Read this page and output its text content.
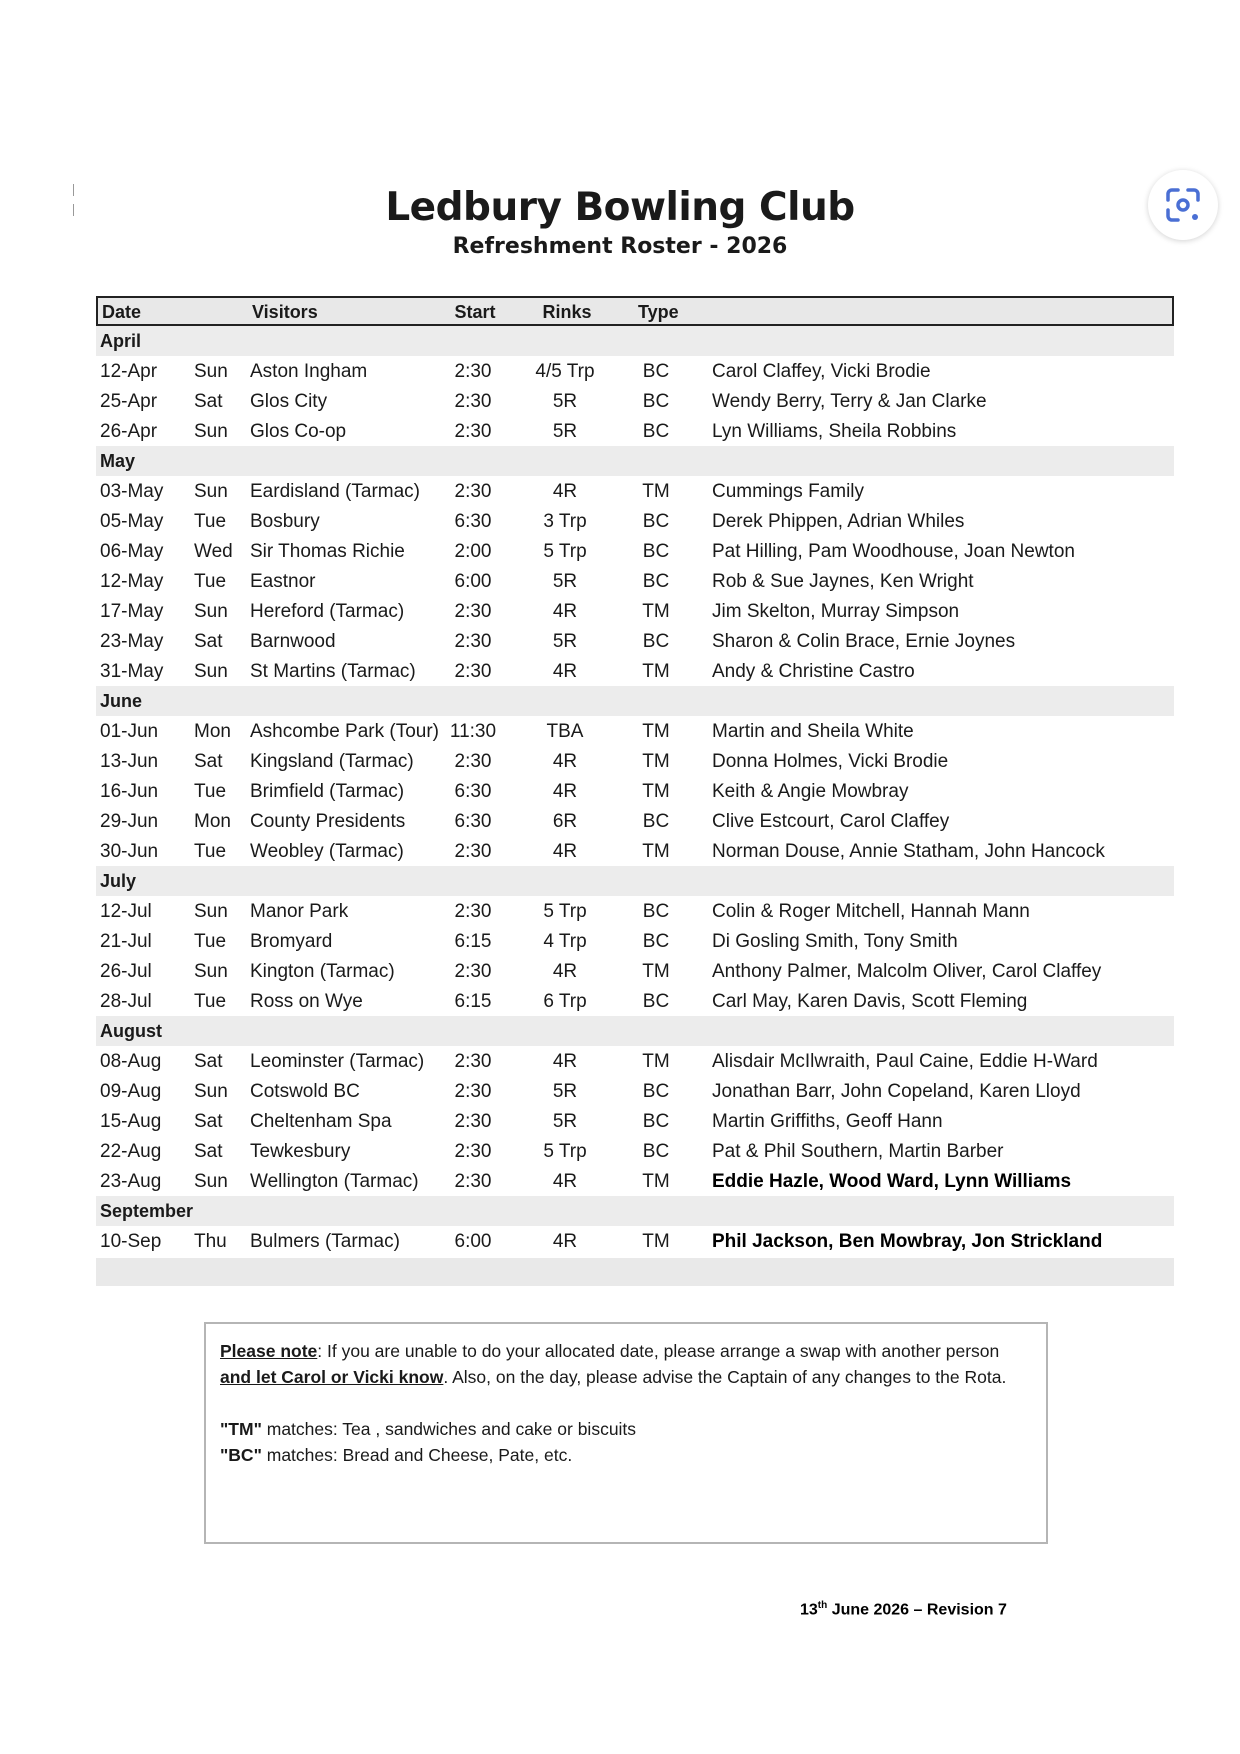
Ledbury Bowling Club
Refreshment Roster - 2026
Date	Visitors	Start	Rinks	Type
April
12-Apr Sun Aston Ingham	2:30	4/5 Trp	BC	Carol Claffey, Vicki Brodie
25-Apr Sat Glos City	2:30	5R	BC	Wendy Berry, Terry & Jan Clarke
26-Apr Sun Glos Co-op	2:30	5R	BC	Lyn Williams, Sheila Robbins
May
03-May Sun Eardisland (Tarmac)	2:30	4R	TM	Cummings Family
05-May Tue Bosbury	6:30	3 Trp	BC	Derek Phippen, Adrian Whiles
06-May Wed Sir Thomas Richie	2:00	5 Trp	BC	Pat Hilling, Pam Woodhouse, Joan Newton
12-May Tue Eastnor	6:00	5R	BC	Rob & Sue Jaynes, Ken Wright
17-May Sun Hereford (Tarmac)	2:30	4R	TM	Jim Skelton, Murray Simpson
23-May Sat Barnwood	2:30	5R	BC	Sharon & Colin Brace, Ernie Joynes
31-May Sun St Martins (Tarmac)	2:30	4R	TM	Andy & Christine Castro
June
01-Jun Mon Ashcombe Park (Tour) 11:30	TBA	TM	Martin and Sheila White
13-Jun Sat Kingsland (Tarmac)	2:30	4R	TM	Donna Holmes, Vicki Brodie
16-Jun Tue Brimfield (Tarmac)	6:30	4R	TM	Keith & Angie Mowbray
29-Jun Mon County Presidents	6:30	6R	BC	Clive Estcourt, Carol Claffey
30-Jun Tue Weobley (Tarmac)	2:30	4R	TM	Norman Douse, Annie Statham, John Hancock
July
12-Jul Sun Manor Park	2:30	5 Trp	BC	Colin & Roger Mitchell, Hannah Mann
21-Jul Tue Bromyard	6:15	4 Trp	BC	Di Gosling Smith, Tony Smith
26-Jul Sun Kington (Tarmac)	2:30	4R	TM	Anthony Palmer, Malcolm Oliver, Carol Claffey
28-Jul Tue Ross on Wye	6:15	6 Trp	BC	Carl May, Karen Davis, Scott Fleming
August
08-Aug Sat Leominster (Tarmac)	2:30	4R	TM	Alisdair McIlwraith, Paul Caine, Eddie H-Ward
09-Aug Sun Cotswold BC	2:30	5R	BC	Jonathan Barr, John Copeland, Karen Lloyd
15-Aug Sat Cheltenham Spa	2:30	5R	BC	Martin Griffiths, Geoff Hann
22-Aug Sat Tewkesbury	2:30	5 Trp	BC	Pat & Phil Southern, Martin Barber
23-Aug Sun Wellington (Tarmac)	2:30	4R	TM	Eddie Hazle, Wood Ward, Lynn Williams
September
10-Sep Thu Bulmers (Tarmac)	6:00	4R	TM	Phil Jackson, Ben Mowbray, Jon Strickland

Please note: If you are unable to do your allocated date, please arrange a swap with another person and let Carol or Vicki know. Also, on the day, please advise the Captain of any changes to the Rota.

"TM" matches: Tea , sandwiches and cake or biscuits

"BC" matches: Bread and Cheese, Pate, etc.

13th June 2026 – Revision 7
